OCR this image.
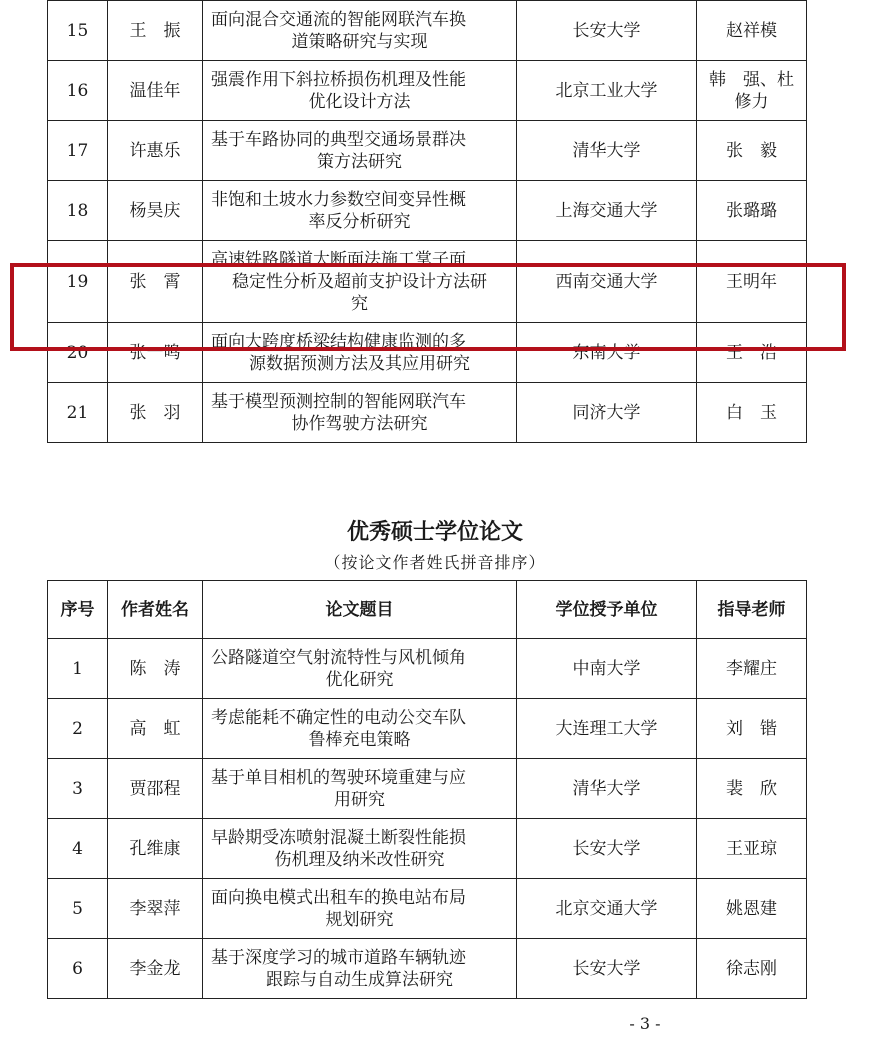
15	王　振	面向混合交通流的智能网联汽车换
道策略研究与实现	长安大学	赵祥模
16	温佳年	强震作用下斜拉桥损伤机理及性能
优化设计方法	北京工业大学	韩　强、杜修力
17	许惠乐	基于车路协同的典型交通场景群决
策方法研究	清华大学	张　毅
18	杨昊庆	非饱和土坡水力参数空间变异性概
率反分析研究	上海交通大学	张璐璐
19	张　霄	高速铁路隧道大断面法施工掌子面
稳定性分析及超前支护设计方法研
究	西南交通大学	王明年
20	张一鸣	面向大跨度桥梁结构健康监测的多
源数据预测方法及其应用研究	东南大学	王　浩
21	张　羽	基于模型预测控制的智能网联汽车
协作驾驶方法研究	同济大学	白　玉
优秀硕士学位论文
（按论文作者姓氏拼音排序）
序号	作者姓名	论文题目	学位授予单位	指导老师
1	陈　涛	公路隧道空气射流特性与风机倾角
优化研究	中南大学	李耀庄
2	高　虹	考虑能耗不确定性的电动公交车队
鲁棒充电策略	大连理工大学	刘　锴
3	贾邵程	基于单目相机的驾驶环境重建与应
用研究	清华大学	裴　欣
4	孔维康	早龄期受冻喷射混凝土断裂性能损
伤机理及纳米改性研究	长安大学	王亚琼
5	李翠萍	面向换电模式出租车的换电站布局
规划研究	北京交通大学	姚恩建
6	李金龙	基于深度学习的城市道路车辆轨迹
跟踪与自动生成算法研究	长安大学	徐志刚
- 3 -
